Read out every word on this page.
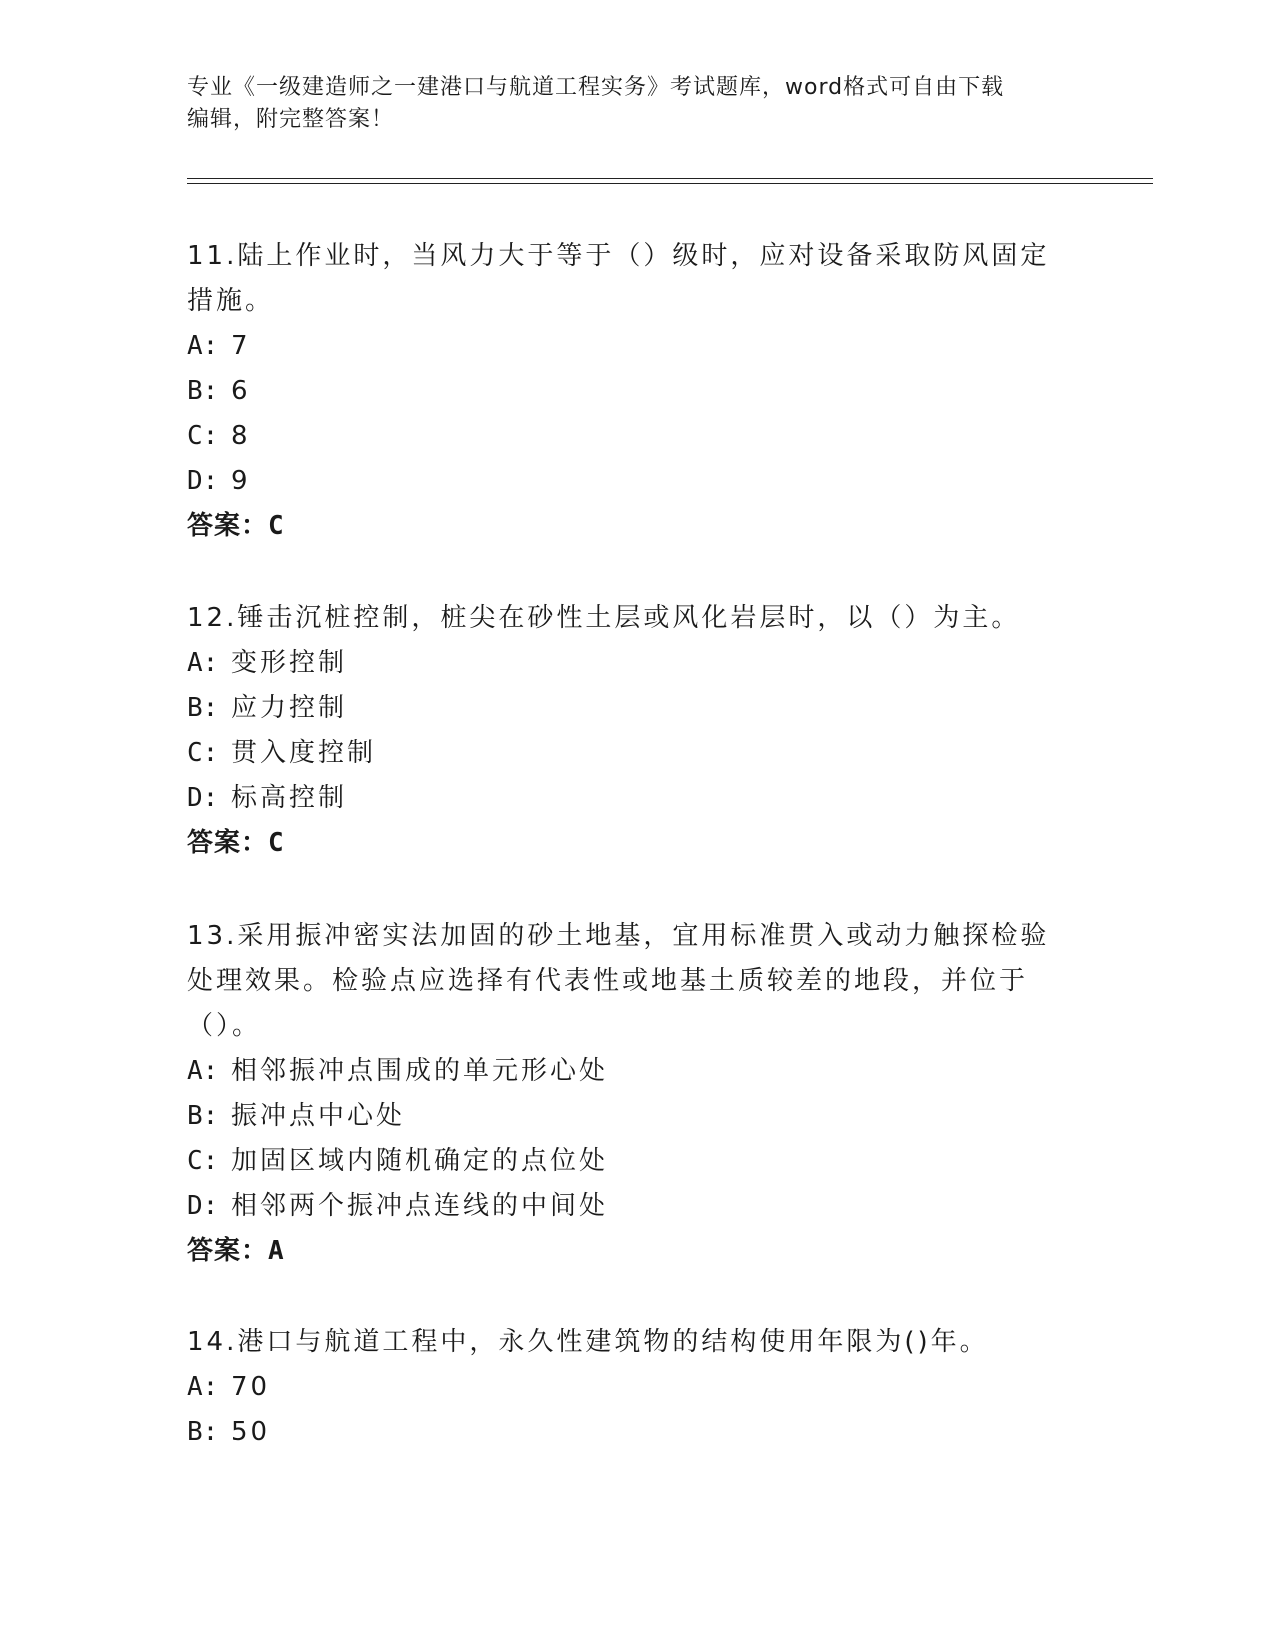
专业《一级建造师之一建港口与航道工程实务》考试题库，word格式可自由下载
编辑，附完整答案！

11.陆上作业时，当风力大于等于（）级时，应对设备采取防风固定措施。

A: 7

B: 6

C: 8

D: 9

答案：C

12.锤击沉桩控制，桩尖在砂性土层或风化岩层时，以（）为主。

A: 变形控制

B: 应力控制

C: 贯入度控制

D: 标高控制

答案：C

13.采用振冲密实法加固的砂土地基，宜用标准贯入或动力触探检验处理效果。检验点应选择有代表性或地基土质较差的地段，并位于（）。

A: 相邻振冲点围成的单元形心处

B: 振冲点中心处

C: 加固区域内随机确定的点位处

D: 相邻两个振冲点连线的中间处

答案：A

14.港口与航道工程中，永久性建筑物的结构使用年限为()年。

A: 70

B: 50
